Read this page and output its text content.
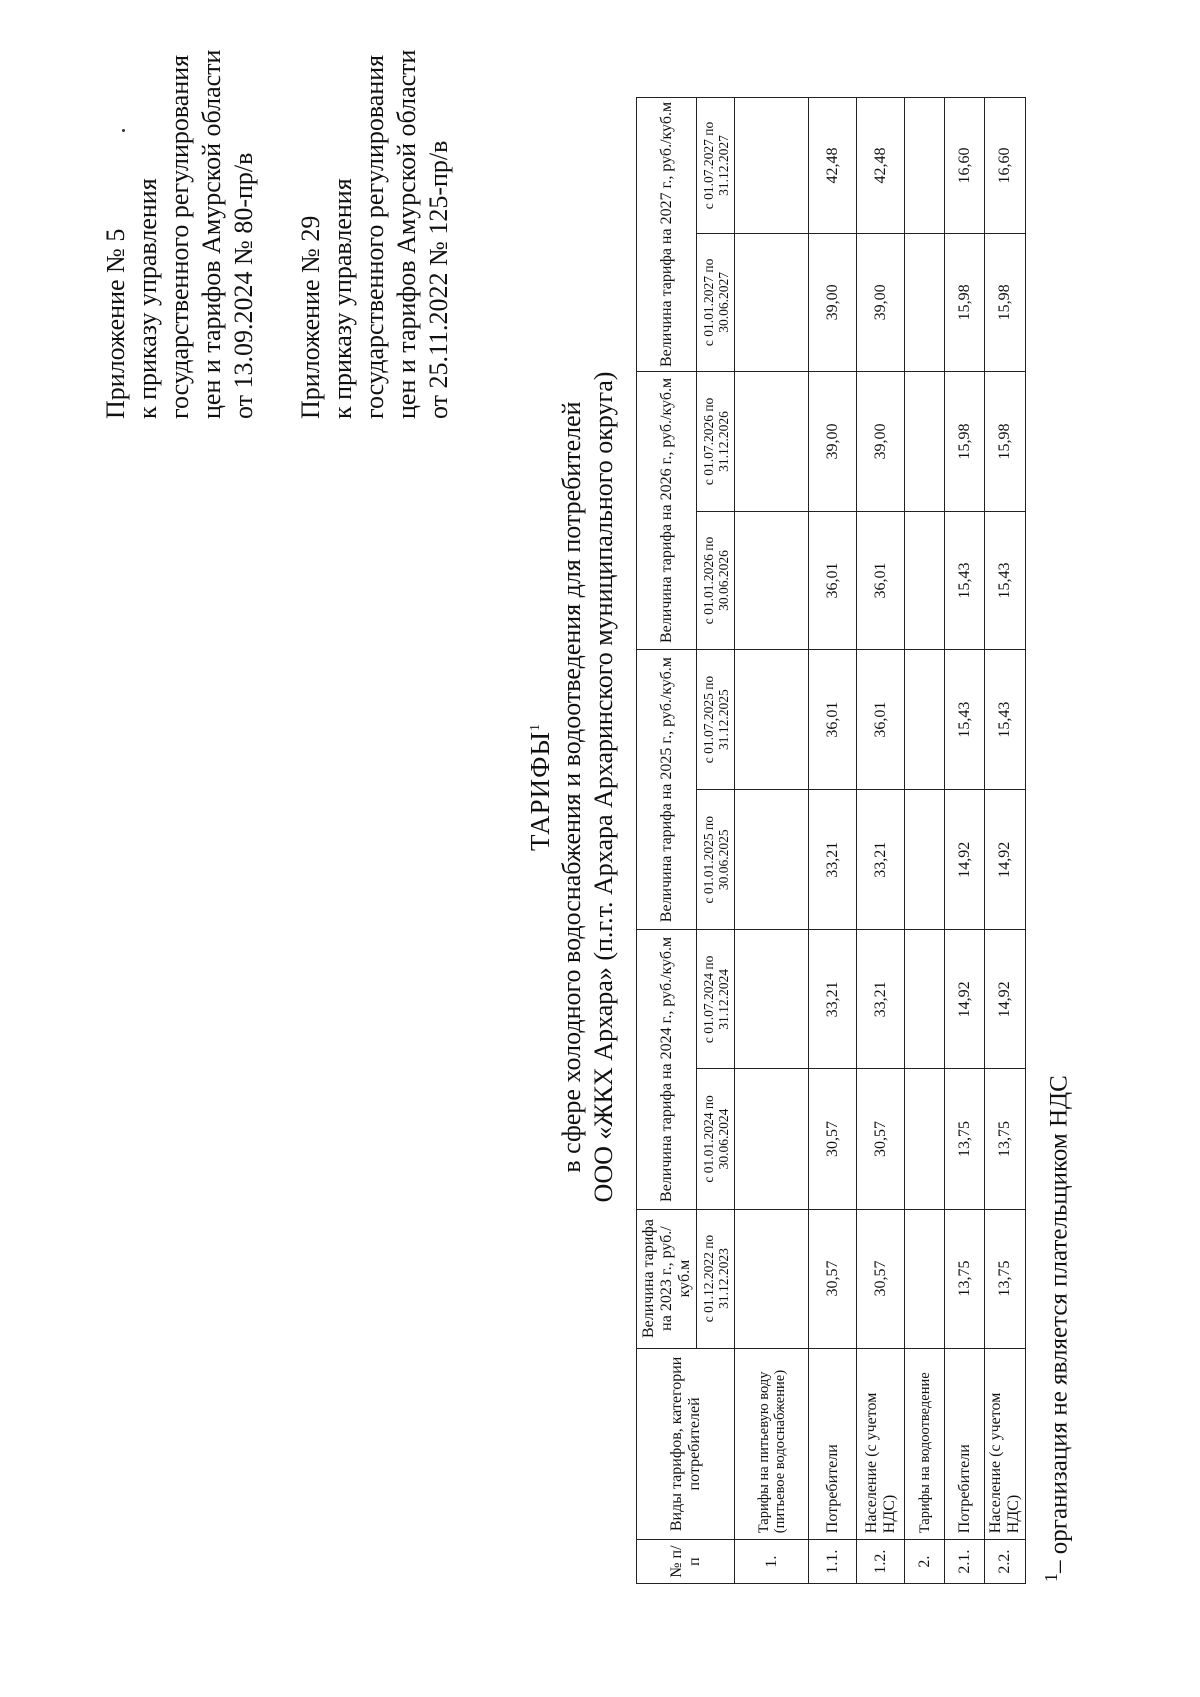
Приложение № 5 к приказу управления государственного регулирования цен и тарифов Амурской области от 13.09.2024 № 80-пр/в Приложение № 29 к приказу управления государственного регулирования цен и тарифов Амурской области от 25.11.2022 № 125-пр/в
ТАРИФЫ$^1$ в сфере холодного водоснабжения и водоотведения для потребителей ООО «ЖКХ Архара» (п.г.т. Архара Архаринского муниципального округа)
№ п/п	Виды тарифов, категории потребителей	Величина тарифа на 2023 г., руб./куб.м	Величина тарифа на 2024 г., руб./куб.м		Величина тарифа на 2025 г., руб./куб.м		Величина тарифа на 2026 г., руб./куб.м		Величина тарифа на 2027 г., руб./куб.м	
		с 01.12.2022 по 31.12.2023	с 01.01.2024 по 30.06.2024	с 01.07.2024 по 31.12.2024	с 01.01.2025 по 30.06.2025	с 01.07.2025 по 31.12.2025	с 01.01.2026 по 30.06.2026	с 01.07.2026 по 31.12.2026	с 01.01.2027 по 30.06.2027	с 01.07.2027 по 31.12.2027
1.	Тарифы на питьевую воду (питьевое водоснабжение)									
1.1.	Потребители	30,57	30,57	33,21	33,21	36,01	36,01	39,00	39,00	42,48
1.2.	Население (с учетом НДС)	30,57	30,57	33,21	33,21	36,01	36,01	39,00	39,00	42,48
2.	Тарифы на водоотведение									
2.1.	Потребители	13,75	13,75	14,92	14,92	15,43	15,43	15,98	15,98	16,60
2.2.	Население (с учетом НДС)	13,75	13,75	14,92	14,92	15,43	15,43	15,98	15,98	16,60
$^1$– организация не является плательщиком НДС
